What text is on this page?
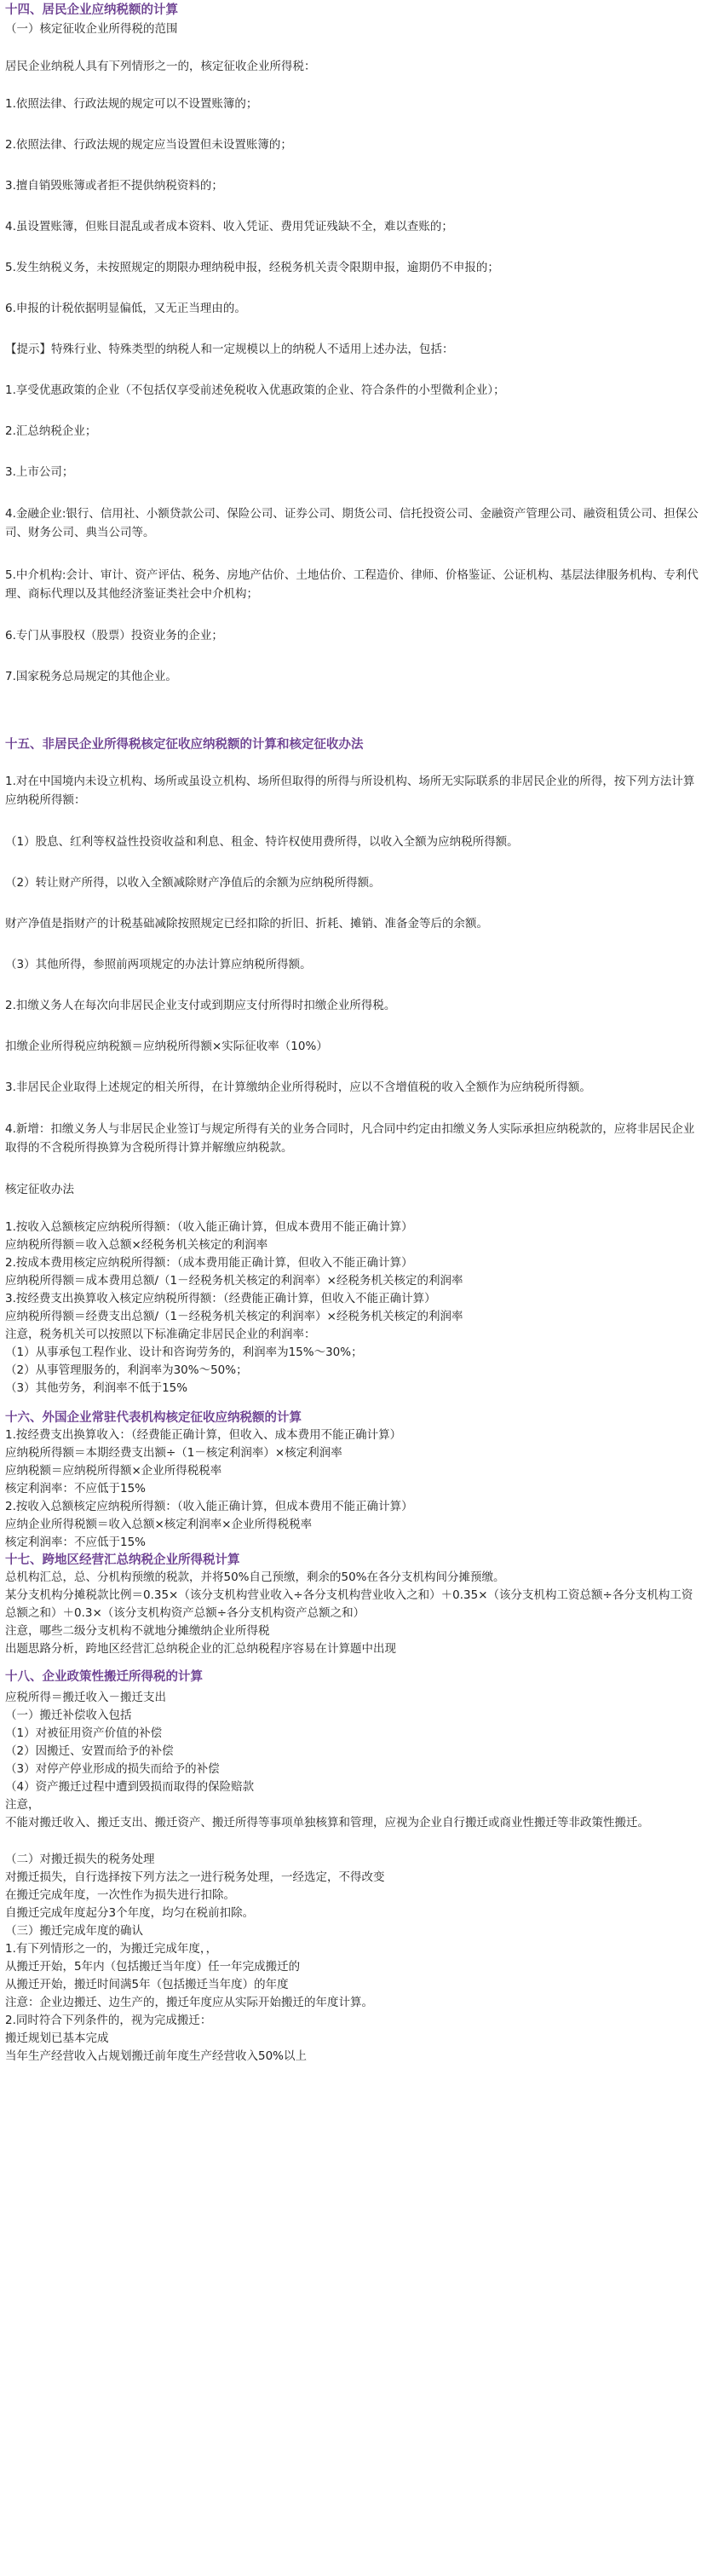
十四、居民企业应纳税额的计算

（一）核定征收企业所得税的范围

居民企业纳税人具有下列情形之一的，核定征收企业所得税：

1.依照法律、行政法规的规定可以不设置账簿的；

2.依照法律、行政法规的规定应当设置但未设置账簿的；

3.擅自销毁账簿或者拒不提供纳税资料的；

4.虽设置账簿，但账目混乱或者成本资料、收入凭证、费用凭证残缺不全，难以查账的；

5.发生纳税义务，未按照规定的期限办理纳税申报，经税务机关责令限期申报，逾期仍不申报的；

6.申报的计税依据明显偏低，又无正当理由的。

【提示】特殊行业、特殊类型的纳税人和一定规模以上的纳税人不适用上述办法，包括：

1.享受优惠政策的企业（不包括仅享受前述免税收入优惠政策的企业、符合条件的小型微利企业）；

2.汇总纳税企业；

3.上市公司；

4.金融企业:银行、信用社、小额贷款公司、保险公司、证券公司、期货公司、信托投资公司、金融资产管理公司、融资租赁公司、担保公司、财务公司、典当公司等。

5.中介机构:会计、审计、资产评估、税务、房地产估价、土地估价、工程造价、律师、价格鉴证、公证机构、基层法律服务机构、专利代理、商标代理以及其他经济鉴证类社会中介机构；

6.专门从事股权（股票）投资业务的企业；

7.国家税务总局规定的其他企业。

十五、非居民企业所得税核定征收应纳税额的计算和核定征收办法

1.对在中国境内未设立机构、场所或虽设立机构、场所但取得的所得与所设机构、场所无实际联系的非居民企业的所得，按下列方法计算应纳税所得额：

（1）股息、红利等权益性投资收益和利息、租金、特许权使用费所得，以收入全额为应纳税所得额。

（2）转让财产所得，以收入全额减除财产净值后的余额为应纳税所得额。

财产净值是指财产的计税基础减除按照规定已经扣除的折旧、折耗、摊销、准备金等后的余额。

（3）其他所得，参照前两项规定的办法计算应纳税所得额。

2.扣缴义务人在每次向非居民企业支付或到期应支付所得时扣缴企业所得税。

扣缴企业所得税应纳税额＝应纳税所得额×实际征收率（10%）

3.非居民企业取得上述规定的相关所得，在计算缴纳企业所得税时，应以不含增值税的收入全额作为应纳税所得额。

4.新增：扣缴义务人与非居民企业签订与规定所得有关的业务合同时，凡合同中约定由扣缴义务人实际承担应纳税款的，应将非居民企业取得的不含税所得换算为含税所得计算并解缴应纳税款。

核定征收办法

1.按收入总额核定应纳税所得额：（收入能正确计算，但成本费用不能正确计算）

应纳税所得额＝收入总额×经税务机关核定的利润率

2.按成本费用核定应纳税所得额：（成本费用能正确计算，但收入不能正确计算）

应纳税所得额＝成本费用总额/（1－经税务机关核定的利润率）×经税务机关核定的利润率

3.按经费支出换算收入核定应纳税所得额：（经费能正确计算，但收入不能正确计算）

应纳税所得额＝经费支出总额/（1－经税务机关核定的利润率）×经税务机关核定的利润率

注意，税务机关可以按照以下标准确定非居民企业的利润率：

（1）从事承包工程作业、设计和咨询劳务的，利润率为15%～30%；

（2）从事管理服务的，利润率为30%～50%；

（3）其他劳务，利润率不低于15%

十六、外国企业常驻代表机构核定征收应纳税额的计算

1.按经费支出换算收入：（经费能正确计算，但收入、成本费用不能正确计算）

应纳税所得额＝本期经费支出额÷（1－核定利润率）×核定利润率

应纳税额＝应纳税所得额×企业所得税税率

核定利润率：不应低于15%

2.按收入总额核定应纳税所得额：（收入能正确计算，但成本费用不能正确计算）

应纳企业所得税额＝收入总额×核定利润率×企业所得税税率

核定利润率：不应低于15%

十七、跨地区经营汇总纳税企业所得税计算

总机构汇总，总、分机构预缴的税款，并将50%自己预缴，剩余的50%在各分支机构间分摊预缴。

某分支机构分摊税款比例＝0.35×（该分支机构营业收入÷各分支机构营业收入之和）＋0.35×（该分支机构工资总额÷各分支机构工资总额之和）＋0.3×（该分支机构资产总额÷各分支机构资产总额之和）

注意，哪些二级分支机构不就地分摊缴纳企业所得税

出题思路分析，跨地区经营汇总纳税企业的汇总纳税程序容易在计算题中出现

十八、企业政策性搬迁所得税的计算

应税所得＝搬迁收入－搬迁支出

（一）搬迁补偿收入包括

（1）对被征用资产价值的补偿

（2）因搬迁、安置而给予的补偿

（3）对停产停业形成的损失而给予的补偿

（4）资产搬迁过程中遭到毁损而取得的保险赔款

注意，

不能对搬迁收入、搬迁支出、搬迁资产、搬迁所得等事项单独核算和管理，应视为企业自行搬迁或商业性搬迁等非政策性搬迁。

（二）对搬迁损失的税务处理

对搬迁损失，自行选择按下列方法之一进行税务处理，一经选定，不得改变

在搬迁完成年度，一次性作为损失进行扣除。

自搬迁完成年度起分3个年度，均匀在税前扣除。

（三）搬迁完成年度的确认

1.有下列情形之一的，为搬迁完成年度，，

从搬迁开始，5年内（包括搬迁当年度）任一年完成搬迁的

从搬迁开始，搬迁时间满5年（包括搬迁当年度）的年度

注意：企业边搬迁、边生产的，搬迁年度应从实际开始搬迁的年度计算。

2.同时符合下列条件的，视为完成搬迁：

搬迁规划已基本完成

当年生产经营收入占规划搬迁前年度生产经营收入50%以上
